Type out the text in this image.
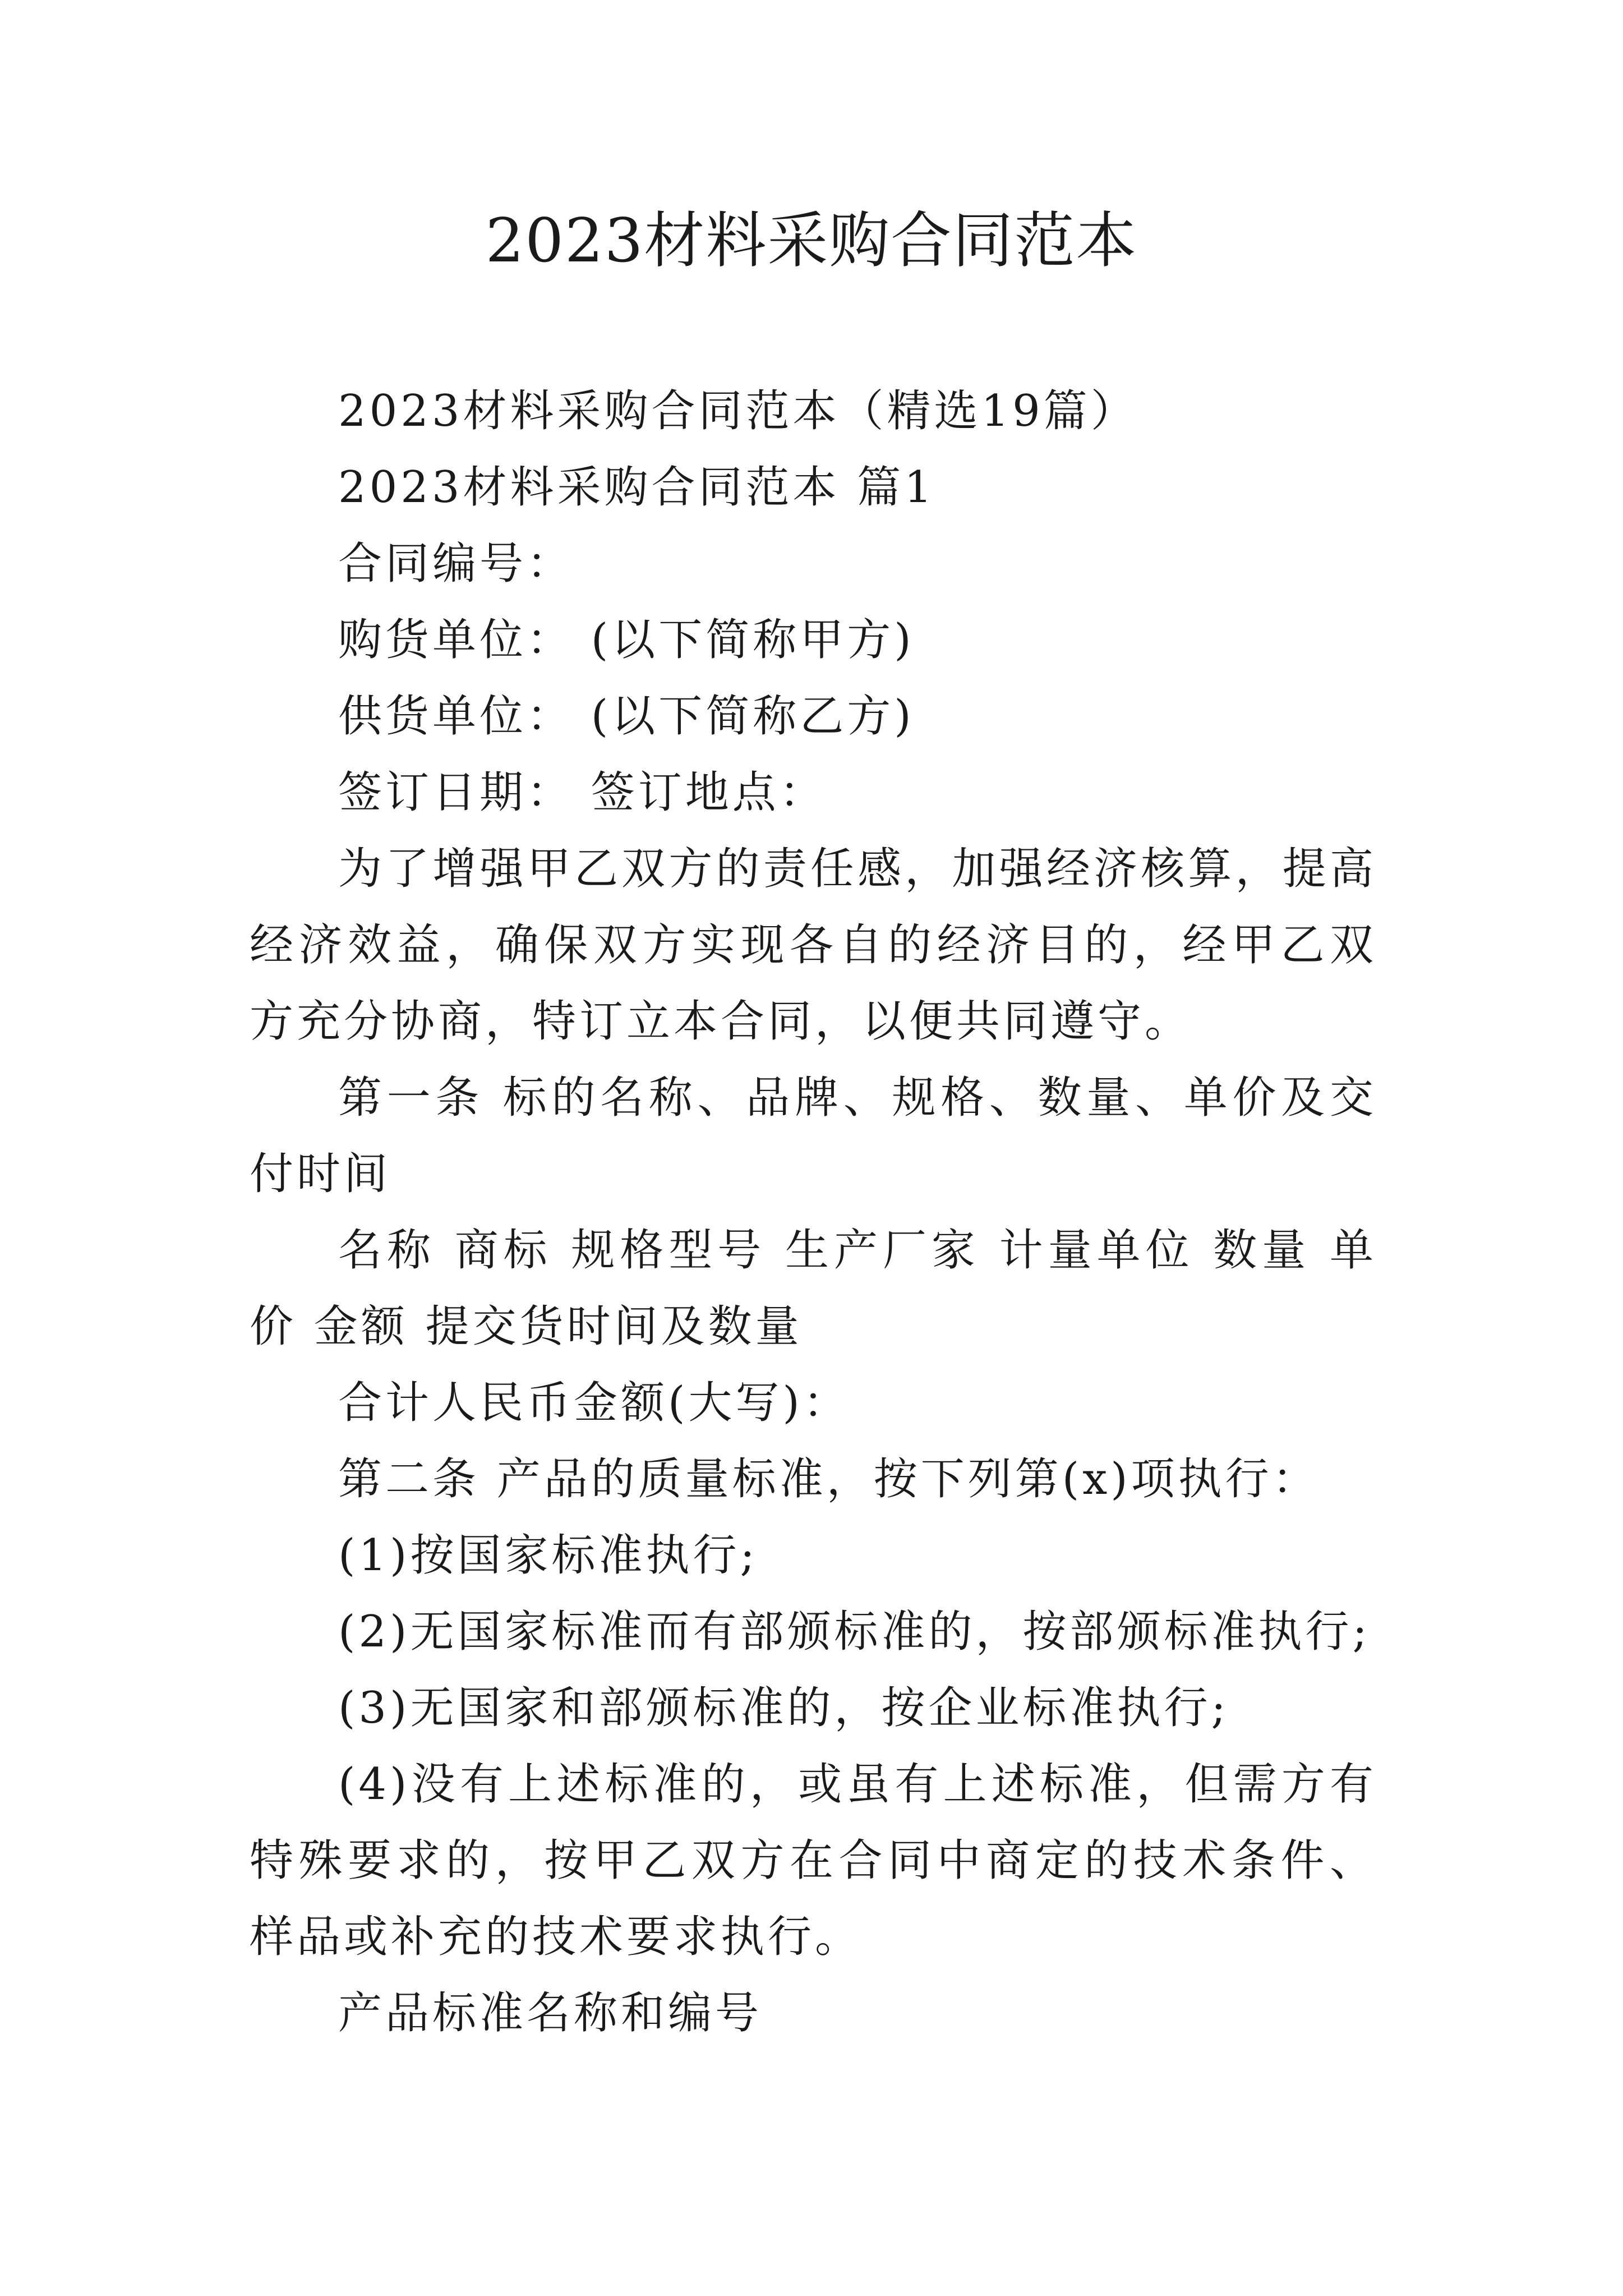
2023材料采购合同范本

2023材料采购合同范本（精选19篇）

2023材料采购合同范本 篇1

合同编号：

购货单位： (以下简称甲方)

供货单位： (以下简称乙方)

签订日期： 签订地点：

为了增强甲乙双方的责任感，加强经济核算，提高经济效益，确保双方实现各自的经济目的，经甲乙双方充分协商，特订立本合同，以便共同遵守。

第一条 标的名称、品牌、规格、数量、单价及交付时间

名称 商标 规格型号 生产厂家 计量单位 数量 单价 金额 提交货时间及数量

合计人民币金额(大写)：

第二条 产品的质量标准，按下列第(x)项执行：

(1)按国家标准执行;

(2)无国家标准而有部颁标准的，按部颁标准执行;

(3)无国家和部颁标准的，按企业标准执行;

(4)没有上述标准的，或虽有上述标准，但需方有特殊要求的，按甲乙双方在合同中商定的技术条件、样品或补充的技术要求执行。

产品标准名称和编号
